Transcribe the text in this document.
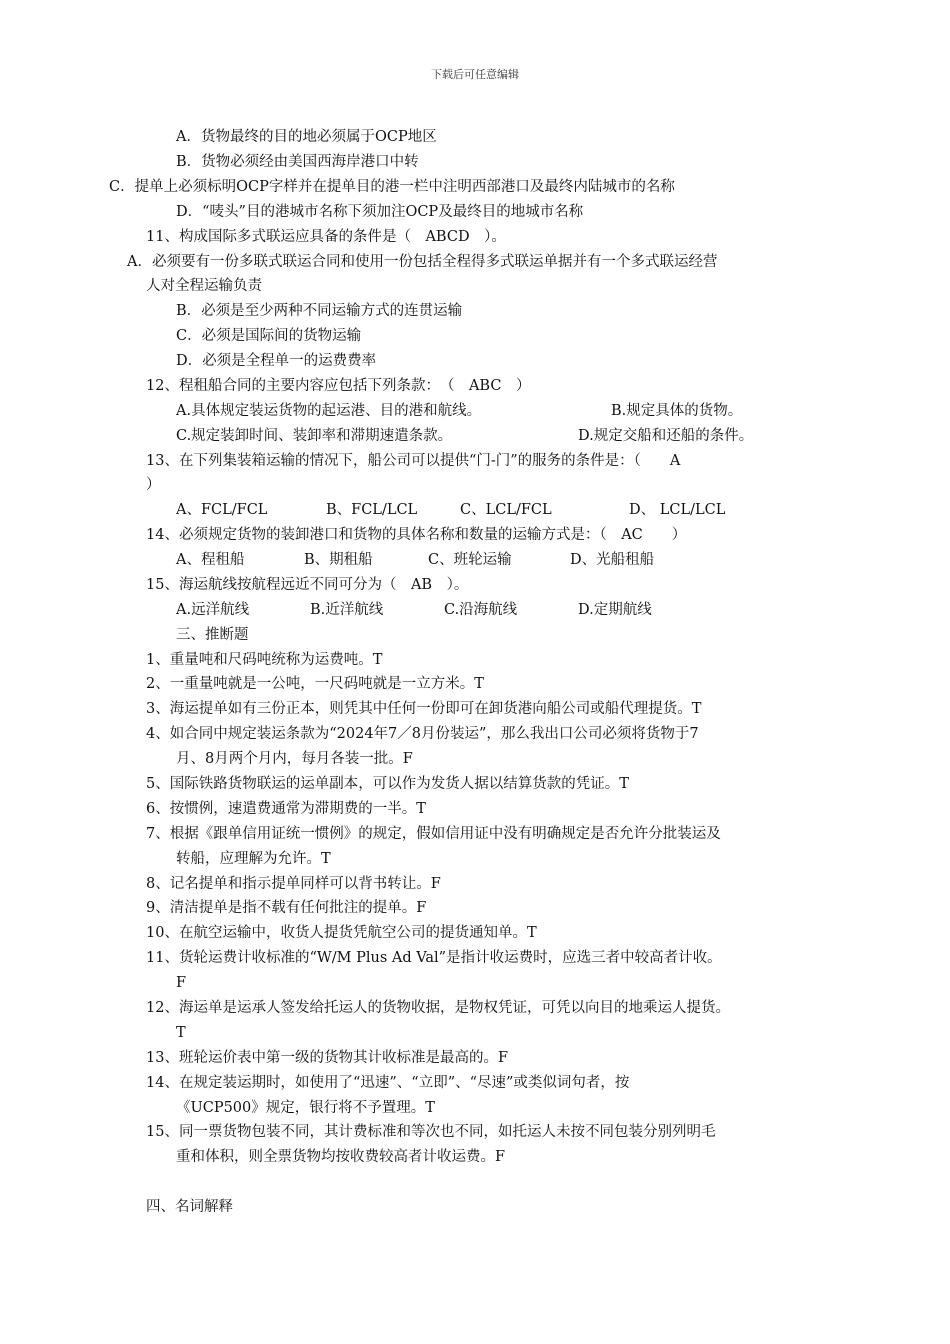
下载后可任意编辑
A．货物最终的目的地必须属于OCP地区
B．货物必须经由美国西海岸港口中转
C．提单上必须标明OCP字样并在提单目的港一栏中注明西部港口及最终内陆城市的名称
D．“唛头”目的港城市名称下须加注OCP及最终目的地城市名称
11、构成国际多式联运应具备的条件是（　ABCD　）。
A．必须要有一份多联式联运合同和使用一份包括全程得多式联运单据并有一个多式联运经营
人对全程运输负责
B．必须是至少两种不同运输方式的连贯运输
C．必须是国际间的货物运输
D．必须是全程单一的运费费率
12、程租船合同的主要内容应包括下列条款：　（　ABC　）
A.具体规定装运货物的起运港、目的港和航线。	B.规定具体的货物。
C.规定装卸时间、装卸率和滞期速遣条款。	D.规定交船和还船的条件。
13、在下列集装箱运输的情况下，船公司可以提供“门-门”的服务的条件是：（　　A
）
A、FCL/FCL	B、FCL/LCL	C、LCL/FCL	D、 LCL/LCL
14、必须规定货物的装卸港口和货物的具体名称和数量的运输方式是：（　AC　　）
A、程租船	B、期租船	C、班轮运输	D、光船租船
15、海运航线按航程远近不同可分为（　AB　）。
A.远洋航线	B.近洋航线	C.沿海航线	D.定期航线
三、推断题
1、重量吨和尺码吨统称为运费吨。T
2、一重量吨就是一公吨，一尺码吨就是一立方米。T
3、海运提单如有三份正本，则凭其中任何一份即可在卸货港向船公司或船代理提货。T
4、如合同中规定装运条款为“2024年7／8月份装运”，那么我出口公司必须将货物于7
月、8月两个月内，每月各装一批。F
5、国际铁路货物联运的运单副本，可以作为发货人据以结算货款的凭证。T
6、按惯例，速遣费通常为滞期费的一半。T
7、根据《跟单信用证统一惯例》的规定，假如信用证中没有明确规定是否允许分批装运及
转船，应理解为允许。T
8、记名提单和指示提单同样可以背书转让。F
9、清洁提单是指不载有任何批注的提单。F
10、在航空运输中，收货人提货凭航空公司的提货通知单。T
11、货轮运费计收标准的“W/M Plus Ad Val”是指计收运费时，应选三者中较高者计收。
F
12、海运单是运承人签发给托运人的货物收据，是物权凭证，可凭以向目的地乘运人提货。
T
13、班轮运价表中第一级的货物其计收标准是最高的。F
14、在规定装运期时，如使用了“迅速”、“立即”、“尽速”或类似词句者，按
《UCP500》规定，银行将不予置理。T
15、同一票货物包装不同，其计费标准和等次也不同，如托运人未按不同包装分别列明毛
重和体积，则全票货物均按收费较高者计收运费。F
四、名词解释
